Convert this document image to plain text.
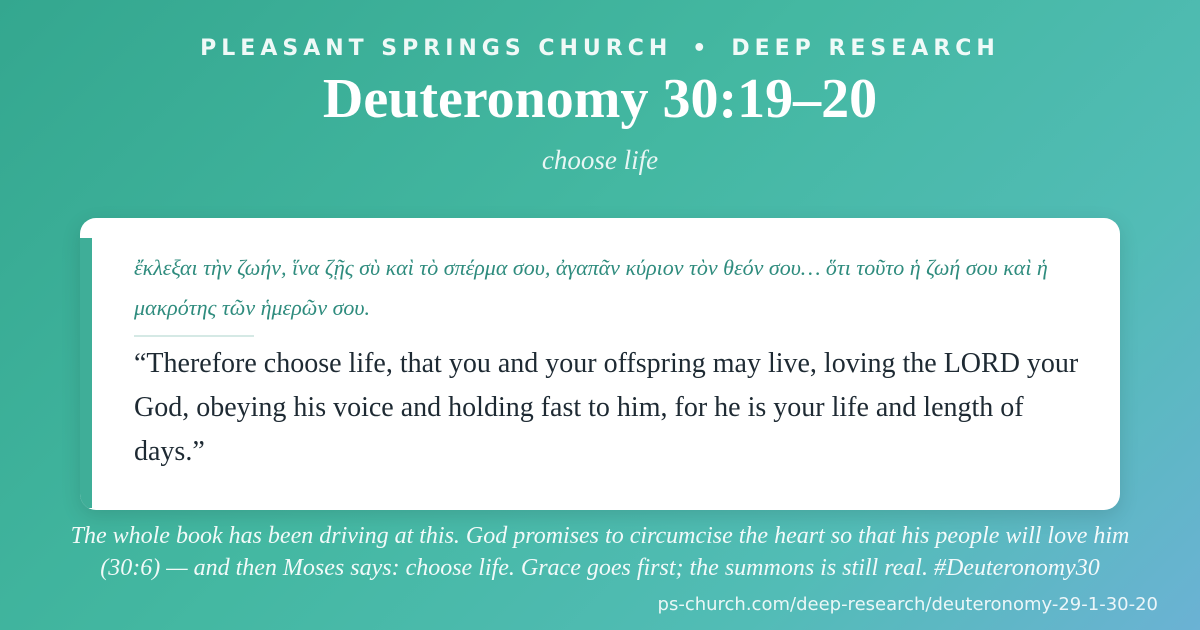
PLEASANT SPRINGS CHURCH • DEEP RESEARCH
Deuteronomy 30:19–20
choose life
ἔκλεξαι τὴν ζωήν, ἵνα ζῇς σὺ καὶ τὸ σπέρμα σου, ἀγαπᾶν κύριον τὸν θεόν σου… ὅτι τοῦτο ἡ ζωή σου καὶ ἡ μακρότης τῶν ἡμερῶν σου.
“Therefore choose life, that you and your offspring may live, loving the LORD your God, obeying his voice and holding fast to him, for he is your life and length of days.”
The whole book has been driving at this. God promises to circumcise the heart so that his people will love him (30:6) — and then Moses says: choose life. Grace goes first; the summons is still real. #Deuteronomy30
ps-church.com/deep-research/deuteronomy-29-1-30-20
